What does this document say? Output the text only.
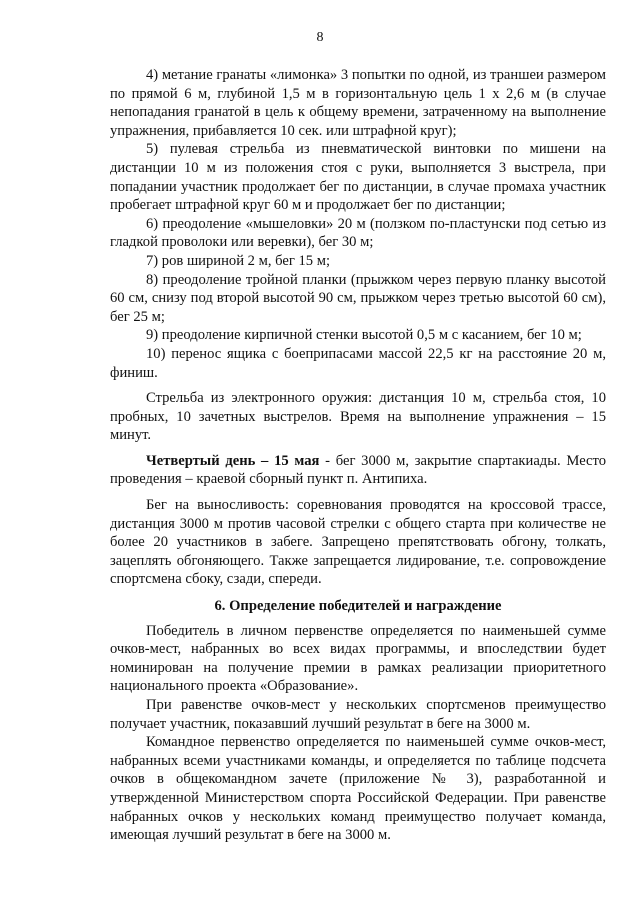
8

4) метание гранаты «лимонка» 3 попытки по одной, из траншеи размером по прямой 6 м, глубиной 1,5 м в горизонтальную цель 1 х 2,6 м (в случае непопадания гранатой в цель к общему времени, затраченному на выполнение упражнения, прибавляется 10 сек. или штрафной круг);

5) пулевая стрельба из пневматической винтовки по мишени на дистанции 10 м из положения стоя с руки, выполняется 3 выстрела, при попадании участник продолжает бег по дистанции, в случае промаха участник пробегает штрафной круг 60 м и продолжает бег по дистанции;

6) преодоление «мышеловки» 20 м (ползком по-пластунски под сетью из гладкой проволоки или веревки), бег 30 м;

7) ров шириной 2 м, бег 15 м;

8) преодоление тройной планки (прыжком через первую планку высотой 60 см, снизу под второй высотой 90 см, прыжком через третью высотой 60 см), бег 25 м;

9) преодоление кирпичной стенки высотой 0,5 м с касанием, бег 10 м;

10) перенос ящика с боеприпасами массой 22,5 кг на расстояние 20 м, финиш.

Стрельба из электронного оружия: дистанция 10 м, стрельба стоя, 10 пробных, 10 зачетных выстрелов. Время на выполнение упражнения – 15 минут.

Четвертый день – 15 мая - бег 3000 м, закрытие спартакиады. Место проведения – краевой сборный пункт п. Антипиха.

Бег на выносливость: соревнования проводятся на кроссовой трассе, дистанция 3000 м против часовой стрелки с общего старта при количестве не более 20 участников в забеге. Запрещено препятствовать обгону, толкать, зацеплять обгоняющего. Также запрещается лидирование, т.е. сопровождение спортсмена сбоку, сзади, спереди.

6. Определение победителей и награждение

Победитель в личном первенстве определяется по наименьшей сумме очков-мест, набранных во всех видах программы, и впоследствии будет номинирован на получение премии в рамках реализации приоритетного национального проекта «Образование».

При равенстве очков-мест у нескольких спортсменов преимущество получает участник, показавший лучший результат в беге на 3000 м.

Командное первенство определяется по наименьшей сумме очков-мест, набранных всеми участниками команды, и определяется по таблице подсчета очков в общекомандном зачете (приложение № 3), разработанной и утвержденной Министерством спорта Российской Федерации. При равенстве набранных очков у нескольких команд преимущество получает команда, имеющая лучший результат в беге на 3000 м.
